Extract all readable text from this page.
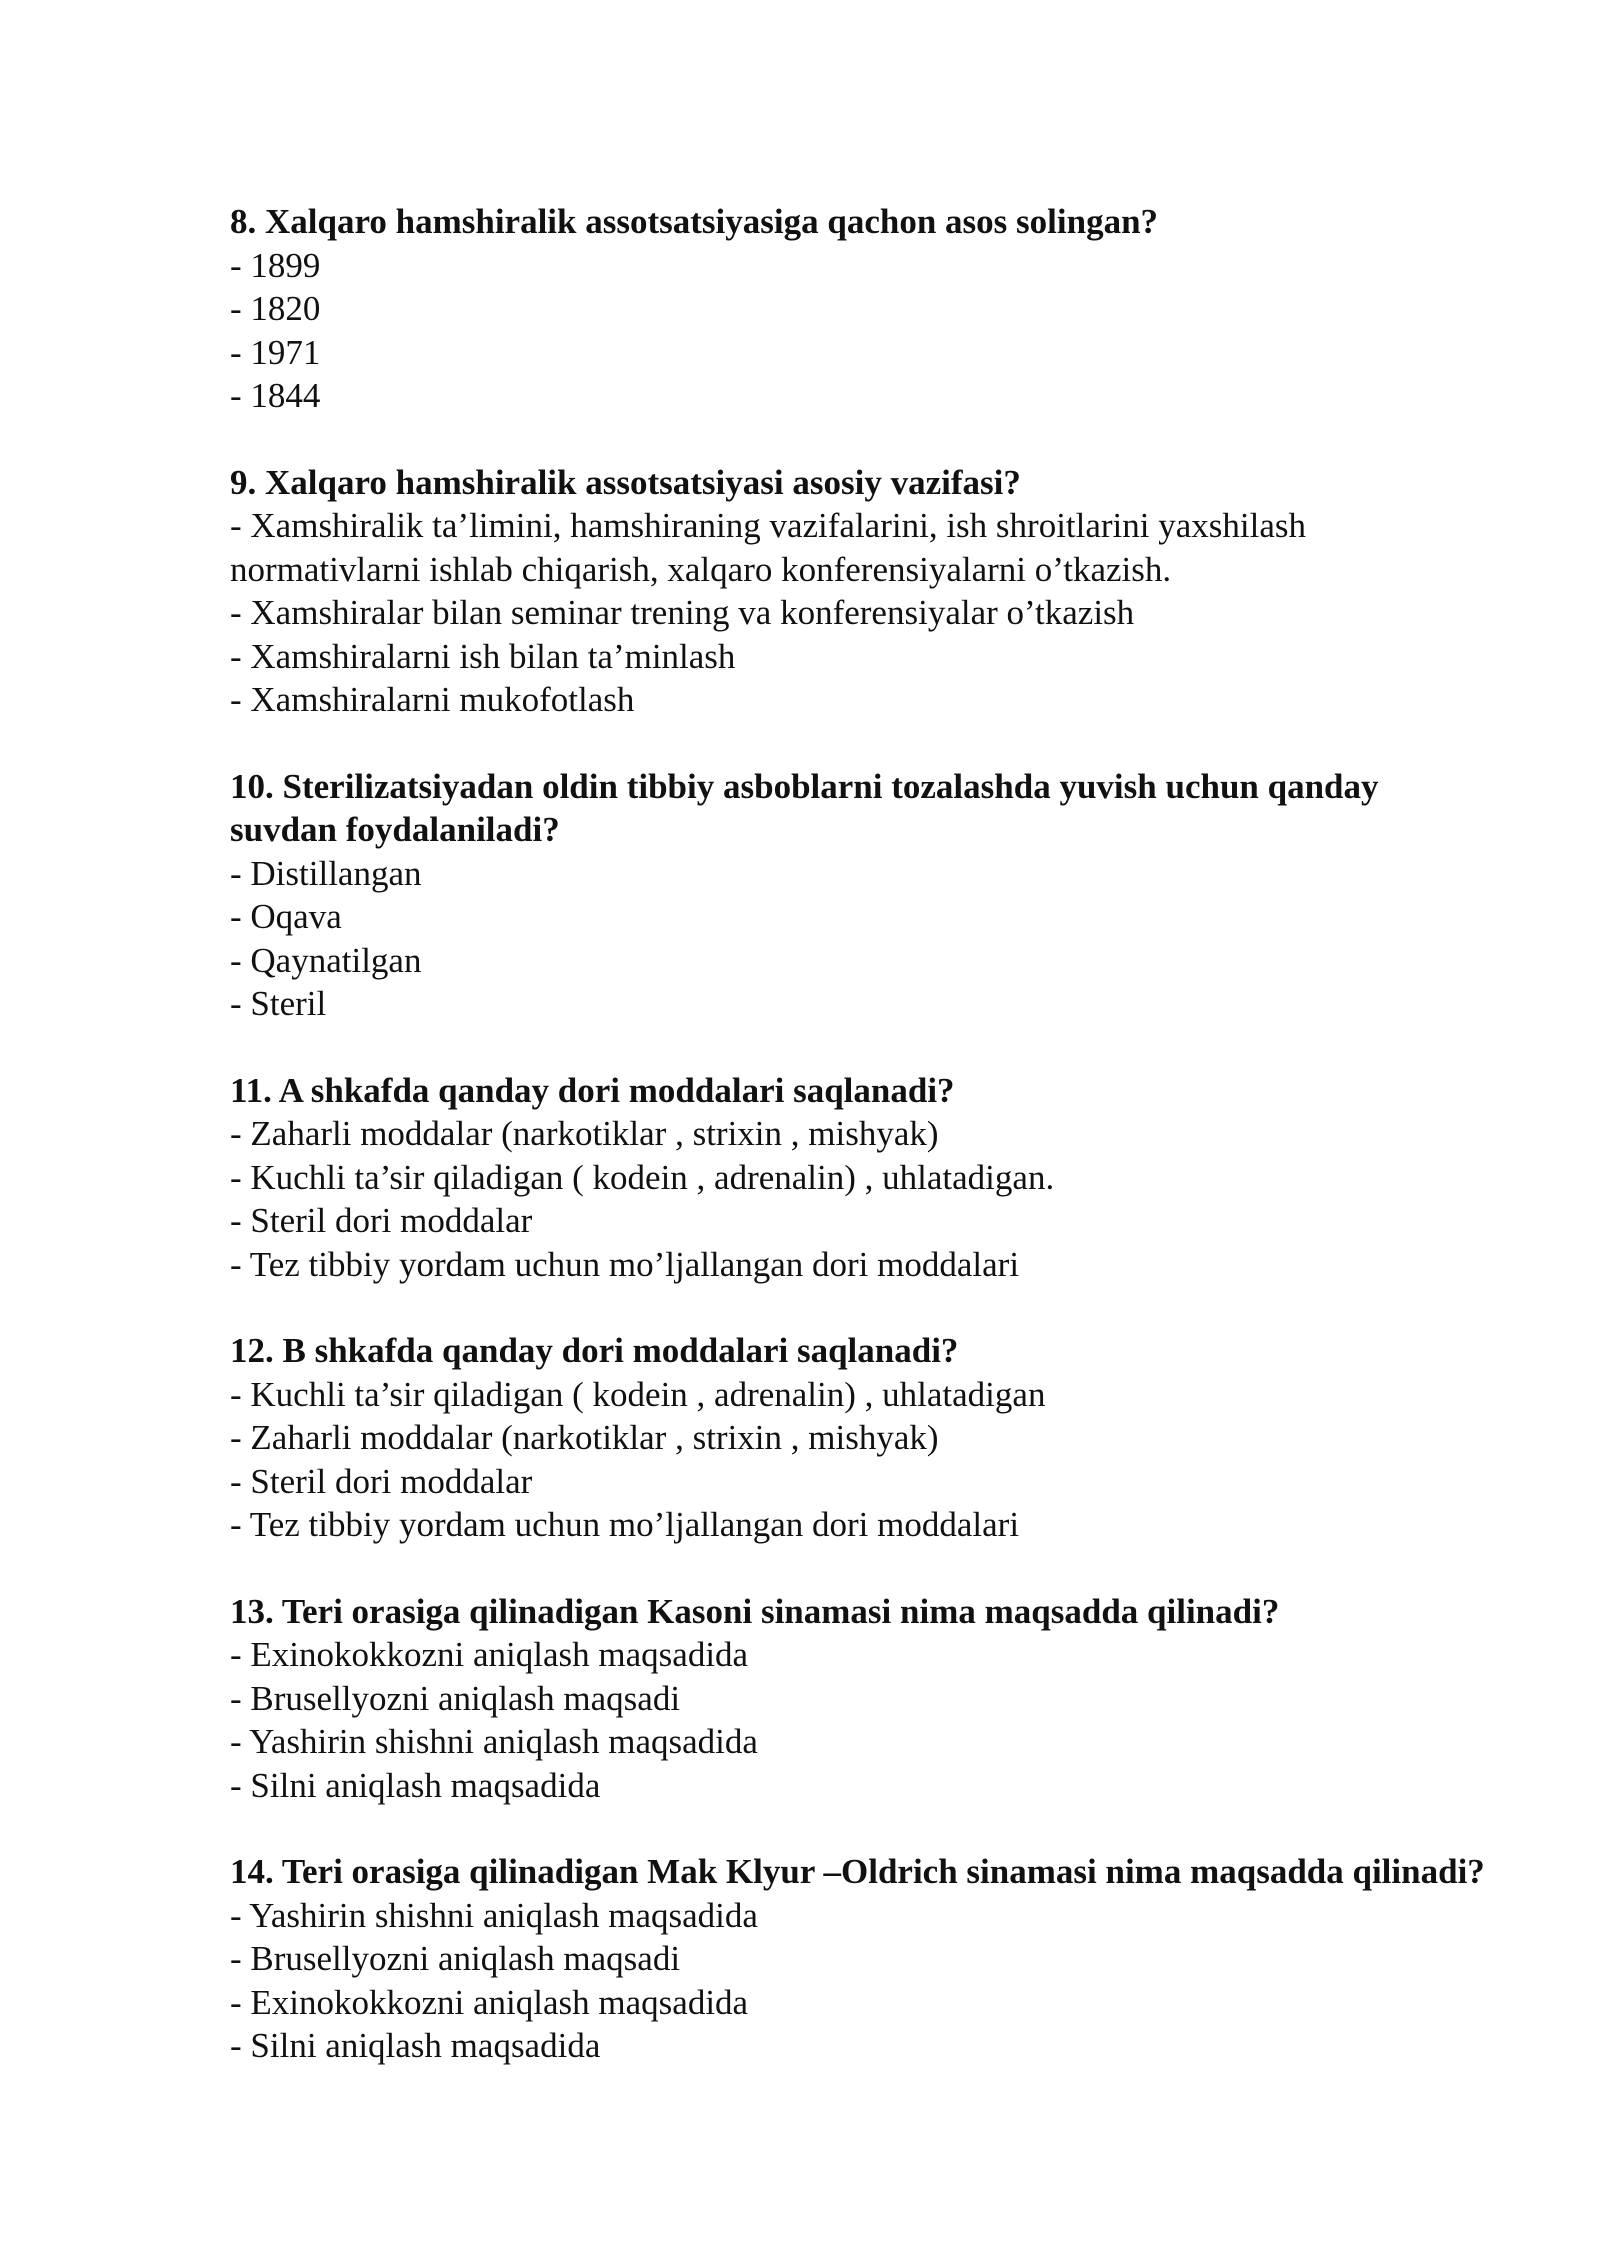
8. Xalqaro hamshiralik assotsatsiyasiga qachon asos solingan?

- 1899
- 1820
- 1971
- 1844

9. Xalqaro hamshiralik assotsatsiyasi asosiy vazifasi?

- Xamshiralik ta’limini, hamshiraning vazifalarini, ish shroitlarini yaxshilash normativlarni ishlab chiqarish, xalqaro konferensiyalarni o’tkazish.
- Xamshiralar bilan seminar trening va konferensiyalar o’tkazish
- Xamshiralarni ish bilan ta’minlash
- Xamshiralarni mukofotlash

10. Sterilizatsiyadan oldin tibbiy asboblarni tozalashda yuvish uchun qanday suvdan foydalaniladi?

- Distillangan
- Oqava
- Qaynatilgan
- Steril

11. A shkafda qanday dori moddalari saqlanadi?

- Zaharli moddalar (narkotiklar , strixin , mishyak)
- Kuchli ta’sir qiladigan ( kodein , adrenalin) , uhlatadigan.
- Steril dori moddalar
- Tez tibbiy yordam uchun mo’ljallangan dori moddalari

12. B shkafda qanday dori moddalari saqlanadi?

- Kuchli ta’sir qiladigan ( kodein , adrenalin) , uhlatadigan
- Zaharli moddalar (narkotiklar , strixin , mishyak)
- Steril dori moddalar
- Tez tibbiy yordam uchun mo’ljallangan dori moddalari

13. Teri orasiga qilinadigan Kasoni sinamasi nima maqsadda qilinadi?

- Exinokokkozni aniqlash maqsadida
- Brusellyozni aniqlash maqsadi
- Yashirin shishni aniqlash maqsadida
- Silni aniqlash maqsadida

14. Teri orasiga qilinadigan Mak Klyur –Oldrich sinamasi nima maqsadda qilinadi?

- Yashirin shishni aniqlash maqsadida
- Brusellyozni aniqlash maqsadi
- Exinokokkozni aniqlash maqsadida
- Silni aniqlash maqsadida
